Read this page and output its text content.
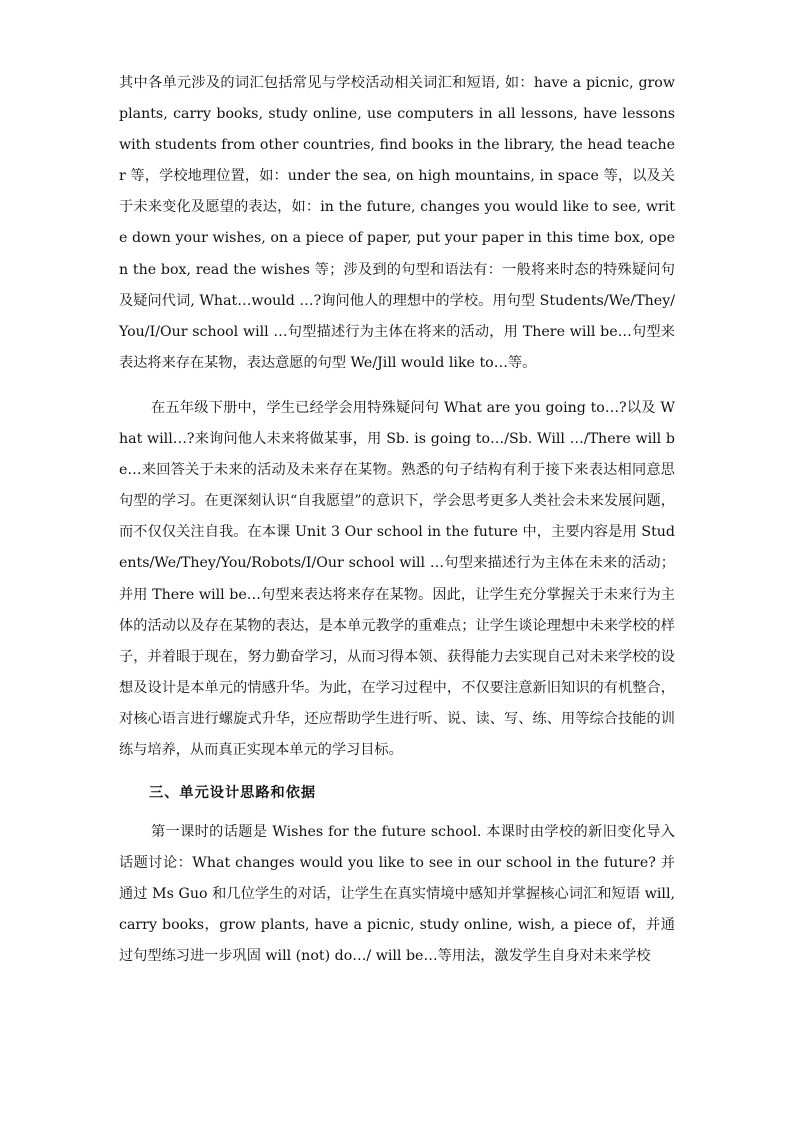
其中各单元涉及的词汇包括常见与学校活动相关词汇和短语, 如：have a picnic, grow plants, carry books, study online, use computers in all lessons, have lessons with students from other countries, find books in the library, the head teacher 等，学校地理位置，如：under the sea, on high mountains, in space 等，以及关于未来变化及愿望的表达，如：in the future, changes you would like to see, write down your wishes, on a piece of paper, put your paper in this time box, open the box, read the wishes 等；涉及到的句型和语法有：一般将来时态的特殊疑问句及疑问代词, What…would …?询问他人的理想中的学校。用句型 Students/We/They/You/I/Our school will …句型描述行为主体在将来的活动，用 There will be…句型来表达将来存在某物，表达意愿的句型 We/Jill would like to…等。

在五年级下册中，学生已经学会用特殊疑问句 What are you going to…?以及 What will…?来询问他人未来将做某事，用 Sb. is going to…/Sb. Will …/There will be…来回答关于未来的活动及未来存在某物。熟悉的句子结构有利于接下来表达相同意思句型的学习。在更深刻认识“自我愿望”的意识下，学会思考更多人类社会未来发展问题，而不仅仅关注自我。在本课 Unit 3 Our school in the future 中，主要内容是用 Students/We/They/You/Robots/I/Our school will …句型来描述行为主体在未来的活动；并用 There will be…句型来表达将来存在某物。因此，让学生充分掌握关于未来行为主体的活动以及存在某物的表达，是本单元教学的重难点；让学生谈论理想中未来学校的样子，并着眼于现在，努力勤奋学习，从而习得本领、获得能力去实现自己对未来学校的设想及设计是本单元的情感升华。为此，在学习过程中，不仅要注意新旧知识的有机整合，对核心语言进行螺旋式升华，还应帮助学生进行听、说、读、写、练、用等综合技能的训练与培养，从而真正实现本单元的学习目标。

三、单元设计思路和依据

第一课时的话题是 Wishes for the future school. 本课时由学校的新旧变化导入话题讨论：What changes would you like to see in our school in the future? 并通过 Ms Guo 和几位学生的对话，让学生在真实情境中感知并掌握核心词汇和短语 will, carry books，grow plants, have a picnic, study online, wish, a piece of，并通过句型练习进一步巩固 will (not) do…/ will be…等用法，激发学生自身对未来学校
